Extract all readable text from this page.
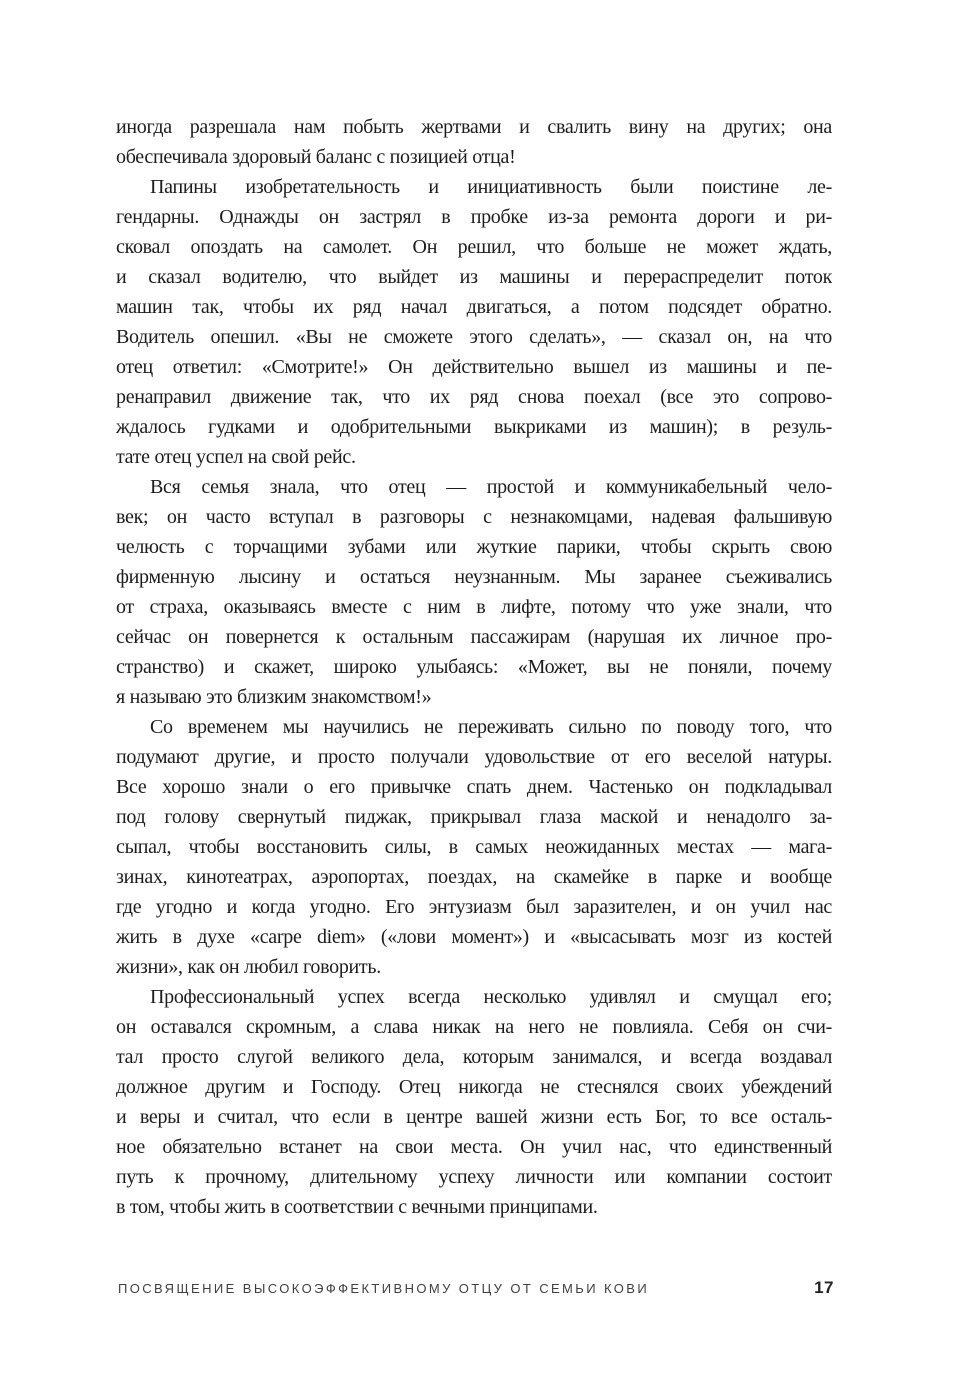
иногда разрешала нам побыть жертвами и свалить вину на других; она
обеспечивала здоровый баланс с позицией отца!
Папины изобретательность и инициативность были поистине ле-
гендарны. Однажды он застрял в пробке из-за ремонта дороги и ри-
сковал опоздать на самолет. Он решил, что больше не может ждать,
и сказал водителю, что выйдет из машины и перераспределит поток
машин так, чтобы их ряд начал двигаться, а потом подсядет обратно.
Водитель опешил. «Вы не сможете этого сделать», — сказал он, на что
отец ответил: «Смотрите!» Он действительно вышел из машины и пе-
ренаправил движение так, что их ряд снова поехал (все это сопрово-
ждалось гудками и одобрительными выкриками из машин); в резуль-
тате отец успел на свой рейс.
Вся семья знала, что отец — простой и коммуникабельный чело-
век; он часто вступал в разговоры с незнакомцами, надевая фальшивую
челюсть с торчащими зубами или жуткие парики, чтобы скрыть свою
фирменную лысину и остаться неузнанным. Мы заранее съеживались
от страха, оказываясь вместе с ним в лифте, потому что уже знали, что
сейчас он повернется к остальным пассажирам (нарушая их личное про-
странство) и скажет, широко улыбаясь: «Может, вы не поняли, почему
я называю это близким знакомством!»
Со временем мы научились не переживать сильно по поводу того, что
подумают другие, и просто получали удовольствие от его веселой натуры.
Все хорошо знали о его привычке спать днем. Частенько он подкладывал
под голову свернутый пиджак, прикрывал глаза маской и ненадолго за-
сыпал, чтобы восстановить силы, в самых неожиданных местах — мага-
зинах, кинотеатрах, аэропортах, поездах, на скамейке в парке и вообще
где угодно и когда угодно. Его энтузиазм был заразителен, и он учил нас
жить в духе «carpe diem» («лови момент») и «высасывать мозг из костей
жизни», как он любил говорить.
Профессиональный успех всегда несколько удивлял и смущал его;
он оставался скромным, а слава никак на него не повлияла. Себя он счи-
тал просто слугой великого дела, которым занимался, и всегда воздавал
должное другим и Господу. Отец никогда не стеснялся своих убеждений
и веры и считал, что если в центре вашей жизни есть Бог, то все осталь-
ное обязательно встанет на свои места. Он учил нас, что единственный
путь к прочному, длительному успеху личности или компании состоит
в том, чтобы жить в соответствии с вечными принципами.
ПОСВЯЩЕНИЕ ВЫСОКОЭФФЕКТИВНОМУ ОТЦУ ОТ СЕМЬИ КОВИ	17
